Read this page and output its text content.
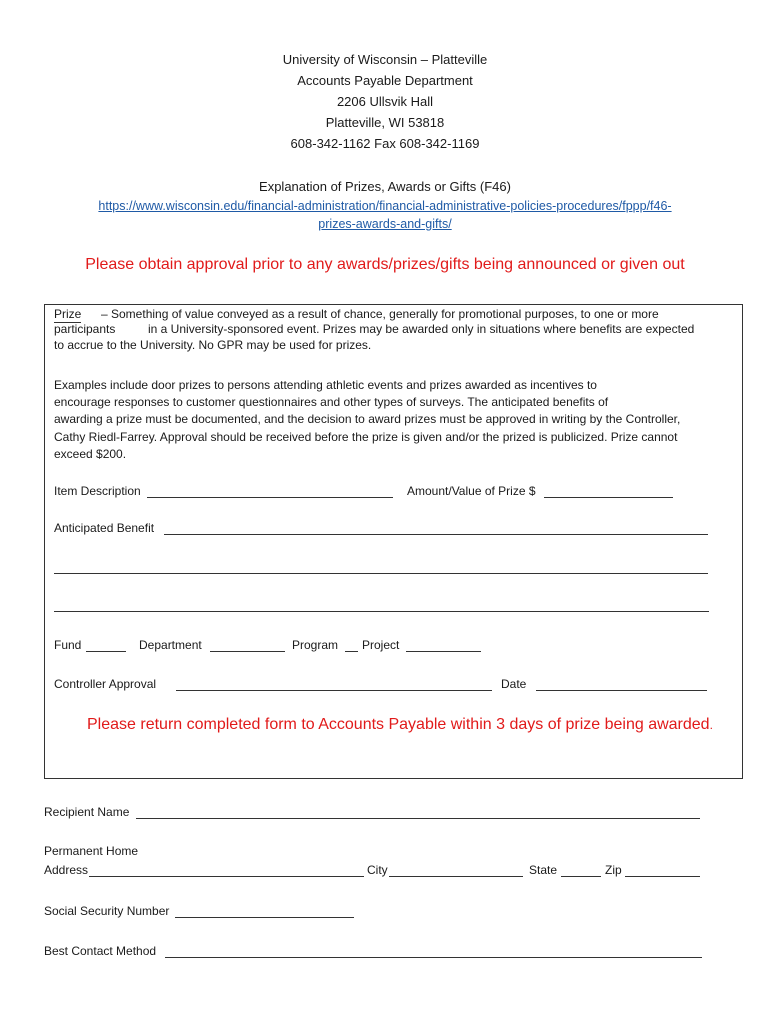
University of Wisconsin – Platteville
Accounts Payable Department
2206 Ullsvik Hall
Platteville, WI 53818
608-342-1162 Fax 608-342-1169
Explanation of Prizes, Awards or Gifts (F46)
https://www.wisconsin.edu/financial-administration/financial-administrative-policies-procedures/fppp/f46-
prizes-awards-and-gifts/
Please obtain approval prior to any awards/prizes/gifts being announced or given out
Prize – Something of value conveyed as a result of chance, generally for promotional purposes, to one or more
participants	in a University-sponsored event. Prizes may be awarded only in situations where benefits are expected
to accrue to the University. No GPR may be used for prizes.
Examples include door prizes to persons attending athletic events and prizes awarded as incentives to
encourage responses to customer questionnaires and other types of surveys. The anticipated benefits of
awarding a prize must be documented, and the decision to award prizes must be approved in writing by the Controller,
Cathy Riedl-Farrey. Approval should be received before the prize is given and/or the prized is publicized. Prize cannot
exceed $200.
Item Description	Amount/Value of Prize $
Anticipated Benefit
Fund	Department	Program Project
Controller Approval	Date
Please return completed form to Accounts Payable within 3 days of prize being awarded.
Recipient Name
Permanent Home
Address	City	State	Zip
Social Security Number
Best Contact Method
